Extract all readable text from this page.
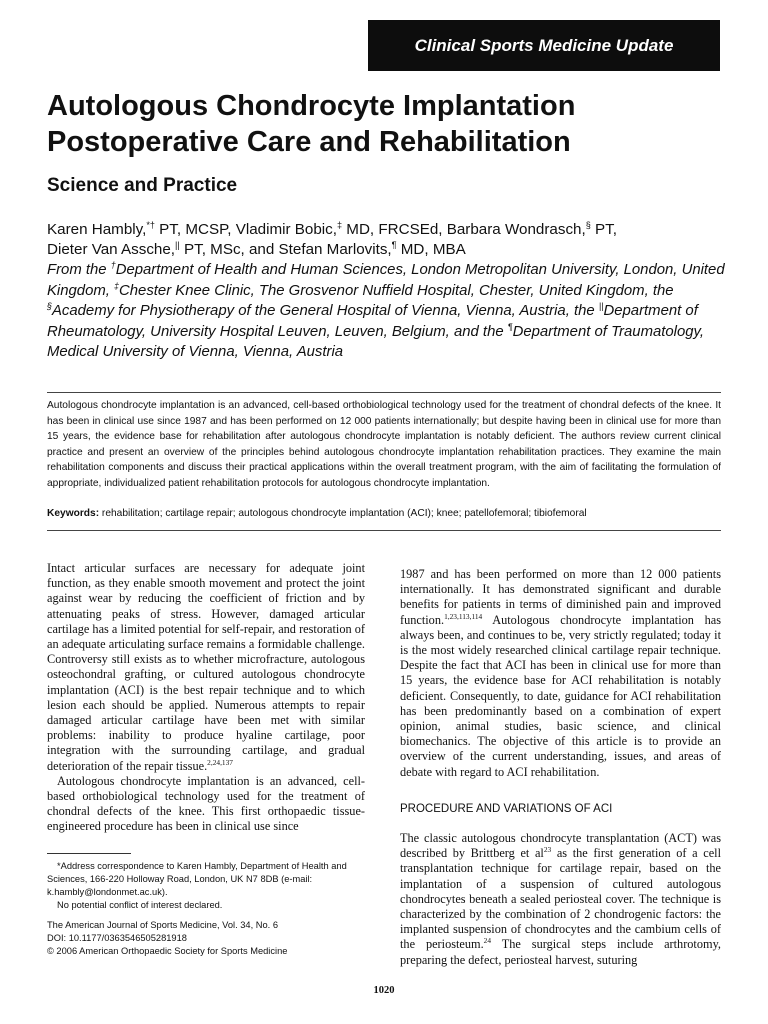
Clinical Sports Medicine Update
Autologous Chondrocyte Implantation Postoperative Care and Rehabilitation
Science and Practice
Karen Hambly,*† PT, MCSP, Vladimir Bobic,‡ MD, FRCSEd, Barbara Wondrasch,§ PT,
Dieter Van Assche,|| PT, MSc, and Stefan Marlovits,¶ MD, MBA
From the †Department of Health and Human Sciences, London Metropolitan University, London, United Kingdom, ‡Chester Knee Clinic, The Grosvenor Nuffield Hospital, Chester, United Kingdom, the §Academy for Physiotherapy of the General Hospital of Vienna, Vienna, Austria, the ||Department of Rheumatology, University Hospital Leuven, Leuven, Belgium, and the ¶Department of Traumatology, Medical University of Vienna, Vienna, Austria

Autologous chondrocyte implantation is an advanced, cell-based orthobiological technology used for the treatment of chondral defects of the knee. It has been in clinical use since 1987 and has been performed on 12 000 patients internationally; but despite having been in clinical use for more than 15 years, the evidence base for rehabilitation after autologous chondrocyte implantation is notably deficient. The authors review current clinical practice and present an overview of the principles behind autologous chondrocyte implantation rehabilitation practices. They examine the main rehabilitation components and discuss their practical applications within the overall treatment program, with the aim of facilitating the formulation of appropriate, individualized patient rehabilitation protocols for autologous chondrocyte implantation.

Keywords: rehabilitation; cartilage repair; autologous chondrocyte implantation (ACI); knee; patellofemoral; tibiofemoral

Intact articular surfaces are necessary for adequate joint function, as they enable smooth movement and protect the joint against wear by reducing the coefficient of friction and by attenuating peaks of stress. However, damaged articular cartilage has a limited potential for self-repair, and restoration of an adequate articulating surface remains a formidable challenge. Controversy still exists as to whether microfracture, autologous osteochondral grafting, or cultured autologous chondrocyte implantation (ACI) is the best repair technique and to which lesion each should be applied. Numerous attempts to repair damaged articular cartilage have been met with similar problems: inability to produce hyaline cartilage, poor integration with the surrounding cartilage, and gradual deterioration of the repair tissue.$^{2,24,137}$

Autologous chondrocyte implantation is an advanced, cell-based orthobiological technology used for the treatment of chondral defects of the knee. This first orthopaedic tissue-engineered procedure has been in clinical use since

1987 and has been performed on more than 12 000 patients internationally. It has demonstrated significant and durable benefits for patients in terms of diminished pain and improved function.$^{1,23,113,114}$ Autologous chondrocyte implantation has always been, and continues to be, very strictly regulated; today it is the most widely researched clinical cartilage repair technique. Despite the fact that ACI has been in clinical use for more than 15 years, the evidence base for ACI rehabilitation is notably deficient. Consequently, to date, guidance for ACI rehabilitation has been predominantly based on a combination of expert opinion, animal studies, basic science, and clinical biomechanics. The objective of this article is to provide an overview of the current understanding, issues, and areas of debate with regard to ACI rehabilitation.

PROCEDURE AND VARIATIONS OF ACI

The classic autologous chondrocyte transplantation (ACT) was described by Brittberg et $al^{23}$ as the first generation of a cell transplantation technique for cartilage repair, based on the implantation of a suspension of cultured autologous chondrocytes beneath a sealed periosteal cover. The technique is characterized by the combination of 2 chondrogenic factors: the implanted suspension of chondrocytes and the cambium cells of the periosteum.$^{24}$ The surgical steps include arthrotomy, preparing the defect, periosteal harvest, suturing

*Address correspondence to Karen Hambly, Department of Health and Sciences, 166-220 Holloway Road, London, UK N7 8DB (e-mail: k.hambly@londonmet.ac.uk).

No potential conflict of interest declared.

The American Journal of Sports Medicine, Vol. 34, No. 6

DOI: 10.1177/0363546505281918

© 2006 American Orthopaedic Society for Sports Medicine

1020
